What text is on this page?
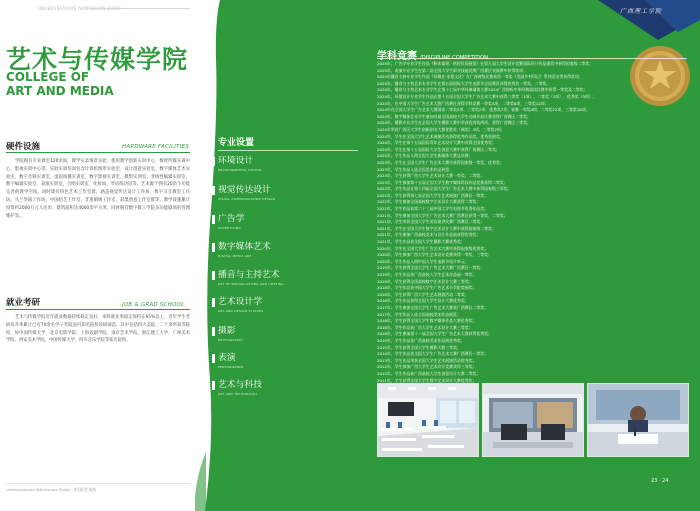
广西理工学院
UNDERGRADUATE ADMISSIONS GUIDE
艺术与传媒学院
COLLEGE OF
ART AND MEDIA
硬件设施	HARDWARE FACILITIES
学院拥有专业教室120余间，教学实录情景实验，使用教学创新实训中心，数智传媒实训中心，影视实训中心等。实验实训培训包含计算机图形实验室、设计创意实验室、数字媒体艺术实验室、数字音频实训室、虚拟演播实训室、数字影视实训室、摄影实训室、非线性编辑实训室、数字编辑实验室、表演实训室、合唱实训室、化妆间、琴房练功房等，艺术源于拥有20余个功能完善的教学空间，同时建有特色艺术工作室群，涵盖视觉传达设计工作坊、数字交互教室工作坊、马兰华演工作坊、中国结艺工作室、非遗刺绣工作室、彩墨创意工作室群等。教学设施累计投资约2000万元人民币，建筑面积达4000余平方米，同时拥有数字媒工学院多功能剧场的管理维护等。
就业考研	JOB & GRAD SCHOOL
艺术与传媒学院近年就业数据持续稳定良好，本科就业率稳定保持在95%以上，近年学生考研高升率累计已有70余名学子考取国内知名院校读研深造，其中包括四大美院、二十余所高等院校，如中国传媒大学、北京电影学院、上海戏剧学院、南京艺术学院、浙江理工大学、广州美术学院、西安美术学院、中国传媒大学、四川音乐学院等知名院校。
Undergraduate Admissions Guide · 本科招生指南
专业设置
环境设计
ENVIRONMENTAL DESIGN
视觉传达设计
VISUAL COMMUNICATION DESIGN
广告学
ADVERTISING
数字媒体艺术
DIGITAL MEDIA ART
播音与主持艺术
ART OF BROADCASTING AND HOSTING
艺术设计学
ART AND DESIGN STUDIES
摄影
PHOTOGRAPHY
表演
PERFORMANCE
艺术与科技
ART AND TECHNOLOGY
学科竞赛 /DISCIPLINE COMPETITION
2025年，广告学专业学生作品《粉本童谣：纸绘民间视觉》在第九届大学生设计竞赛国际设计作品银奖中获得国家级二等奖；
2025年，表演专业学生在第二届全国大学生职业技能竞赛广西赛区表演赛中获得奖项；
2025年播音主持专业学生作品《穿梭在·非遗文化》在广西省级比赛获得一等奖《美丽乡村印记》系列活动等获得奖项；
2024年，播音与主持艺术专业学生在第五届国际大学生电影节全国赛区获得优秀奖一等奖，二等奖；
2024年，播音与主持艺术专业学生在第十七届中华经典诵读大赛2024广西视听中华经典诵读比赛中获得一等奖及二等奖；
2024年，环境设计专业学生作品在第十五届全国大学生广告艺术大赛中获得三等奖（1项），二等奖（3项），优秀奖（5项）；
2024年，在中国大学生广告艺术大赛广西赛区获得学科竞赛一等奖3项，二等奖8项，三等奖12项；
2024年在全国大学生广告艺术大赛国家二等奖2项、三等奖2项；优秀奖7项；省赛一等奖4项、二等奖22项、三等奖18项；
2024年，数字媒体艺术学生参加首届全国高校大学生动画作品比赛获得广西赛区二等奖；
2024年，摄影专业学生在全国大学生摄影大赛中荣获优秀奖两项，获得广西赛区三等奖；
2024年荣获广西区大学生创新创业大赛优胜奖（铜奖）3项，三等奖2项；
2024年，学生在全国大学生艺术展演活动获得优秀作品奖，优秀表演奖；
2024年，学生在第十五届国际青年艺术设计大赛中获得全国优秀奖；
2024年，学生在第十五届国际大学生创意大赛中获得广西赛区二等奖；
2024年，学生作品入围全国大学生新媒体大赛总决赛；
2023年，学生在全国大学生广告艺术大赛中获得国家级一等奖，优秀奖；
2023年，学生作品入选全国美术作品展览；
2023年，学生获得广西大学生艺术设计大赛一等奖、二等奖；
2023年，学生参加第十五届全国大学生数字媒体科技作品竞赛获得二等奖；
2022年，学生作品在第十四届全国大学生广告艺术大赛中获得国家级三等奖；
2022年，学生获得第七届全国大学生艺术展演广西赛区一等奖；
2022年，学生参加全国高校数字艺术设计大赛获得二等奖；
2022年，学生作品获第二十三届中国大学生电视节优秀作品奖；
2021年，学生参加全国大学生广告艺术大赛广西赛区获得一等奖、二等奖；
2021年，学生荣获全国大学生英语演讲比赛广西赛区二等奖；
2021年，学生在全国大学生数字艺术设计大赛中获得国家级二等奖；
2021年，学生参加广西高校美术与设计作品展获得优秀奖；
2021年，学生作品获全国大学生摄影大赛优秀奖；
2020年，学生在全国大学生广告艺术大赛中获得国家级优秀奖；
2020年，学生参加广西大学生艺术设计竞赛获得一等奖、三等奖；
2020年，学生作品入围中国大学生电影节短片单元；
2019年，学生获得全国大学生广告艺术大赛广西赛区一等奖；
2019年，学生作品获广西高校大学生艺术作品展一等奖；
2019年，学生获得全国高校数字艺术设计大赛三等奖；
2018年，学生作品获中国大学生广告艺术节学院奖铜奖；
2018年，学生获得广西大学生艺术展演活动二等奖；
2018年，学生作品获得全国大学生设计大赛优秀奖；
2017年，学生参加全国大学生广告艺术大赛获广西赛区二等奖；
2017年，学生作品入选全国高校美术作品展览；
2016年，学生获得全国大学生数字媒体作品大赛优秀奖；
2016年，学生作品获广西大学生艺术设计大赛三等奖；
2016年，学生参加第十一届全国大学生广告艺术大赛获得优秀奖；
2015年，学生作品获广西高校美术作品展优秀奖；
2015年，学生获得全国大学生摄影大赛三等奖；
2014年，学生作品获全国大学生广告艺术大赛广西赛区一等奖；
2013年，学生作品荣获全国大学生艺术展演活动优秀奖；
2012年，学生参加广西大学生艺术设计竞赛获得三等奖；
2012年，学生作品获广西高校大学生创意设计大赛二等奖；
2011年，学生获得全国大学生数字艺术设计大赛优秀奖；
23 · 24
